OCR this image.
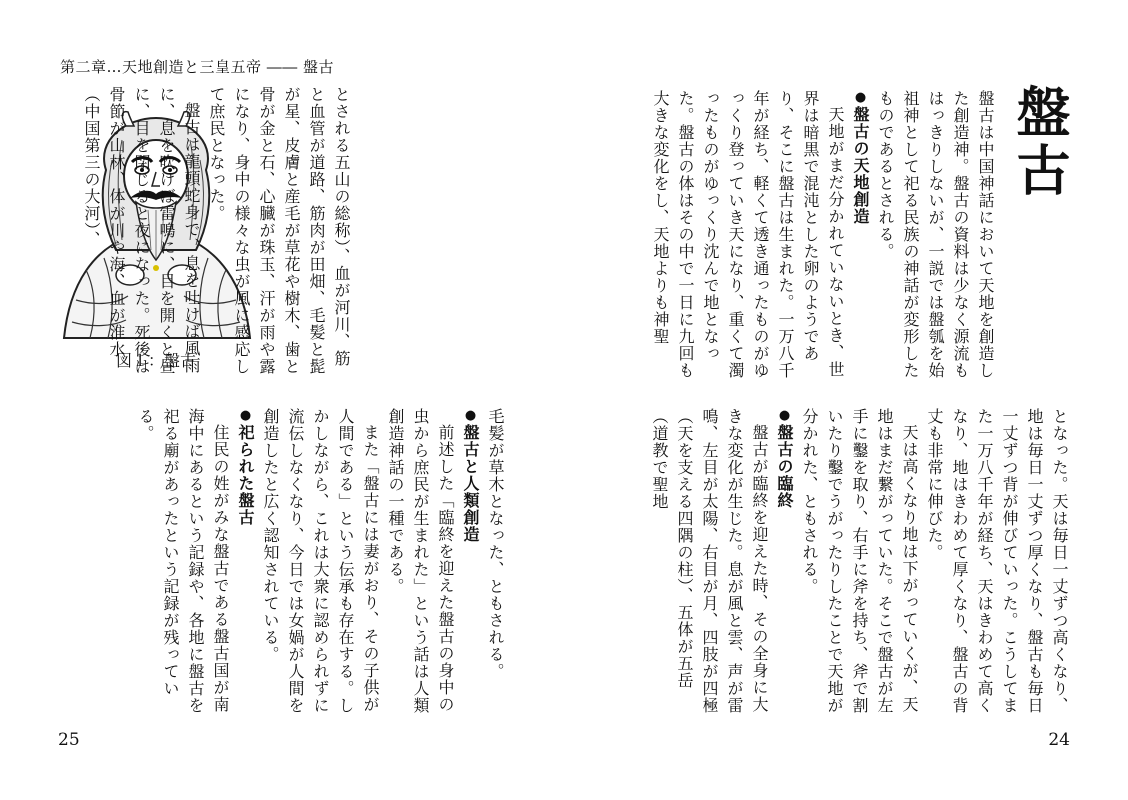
第二章…天地創造と三皇五帝 ―― 盤古
図１：盤古	とされる五山の総称）、血が河川、筋と血管が道路、筋肉が田畑、毛髪と髭が星、皮膚と産毛が草花や樹木、歯と骨が金と石、心臓が珠玉、汗が雨や露になり、身中の様々な虫が風に感応して庶民となった。

盤古は龍頭蛇身で、息を吐けば風雨に、息を吹けば雷鳴に、目を開くと昼に、目を閉じると夜になった。死後は骨節が山林、体が川や海、血が淮水（中国第三の大河）、

毛髪が草木となった、ともされる。

●盤古と人類創造

前述した「臨終を迎えた盤古の身中の虫から庶民が生まれた」という話は人類創造神話の一種である。

また「盤古には妻がおり、その子供が人間である」という伝承も存在する。しかしながら、これは大衆に認められずに流伝しなくなり、今日では女媧が人間を創造したと広く認知されている。

●祀られた盤古

住民の姓がみな盤古である盤古国が南海中にあるという記録や、各地に盤古を祀る廟があったという記録が残っている。

25
盤古

盤古は中国神話において天地を創造した創造神。盤古の資料は少なく源流もはっきりしないが、一説では盤瓠を始祖神として祀る民族の神話が変形したものであるとされる。

●盤古の天地創造

天地がまだ分かれていないとき、世界は暗黒で混沌とした卵のようであり、そこに盤古は生まれた。一万八千年が経ち、軽くて透き通ったものがゆっくり登っていき天になり、重くて濁ったものがゆっくり沈んで地となった。盤古の体はその中で一日に九回も大きな変化をし、天地よりも神聖

となった。天は毎日一丈ずつ高くなり、地は毎日一丈ずつ厚くなり、盤古も毎日一丈ずつ背が伸びていった。こうしてまた一万八千年が経ち、天はきわめて高くなり、地はきわめて厚くなり、盤古の背丈も非常に伸びた。

天は高くなり地は下がっていくが、天地はまだ繋がっていた。そこで盤古が左手に鑿を取り、右手に斧を持ち、斧で割いたり鑿でうがったりしたことで天地が分かれた、ともされる。

●盤古の臨終

盤古が臨終を迎えた時、その全身に大きな変化が生じた。息が風と雲、声が雷鳴、左目が太陽、右目が月、四肢が四極（天を支える四隅の柱）、五体が五岳（道教で聖地

24
